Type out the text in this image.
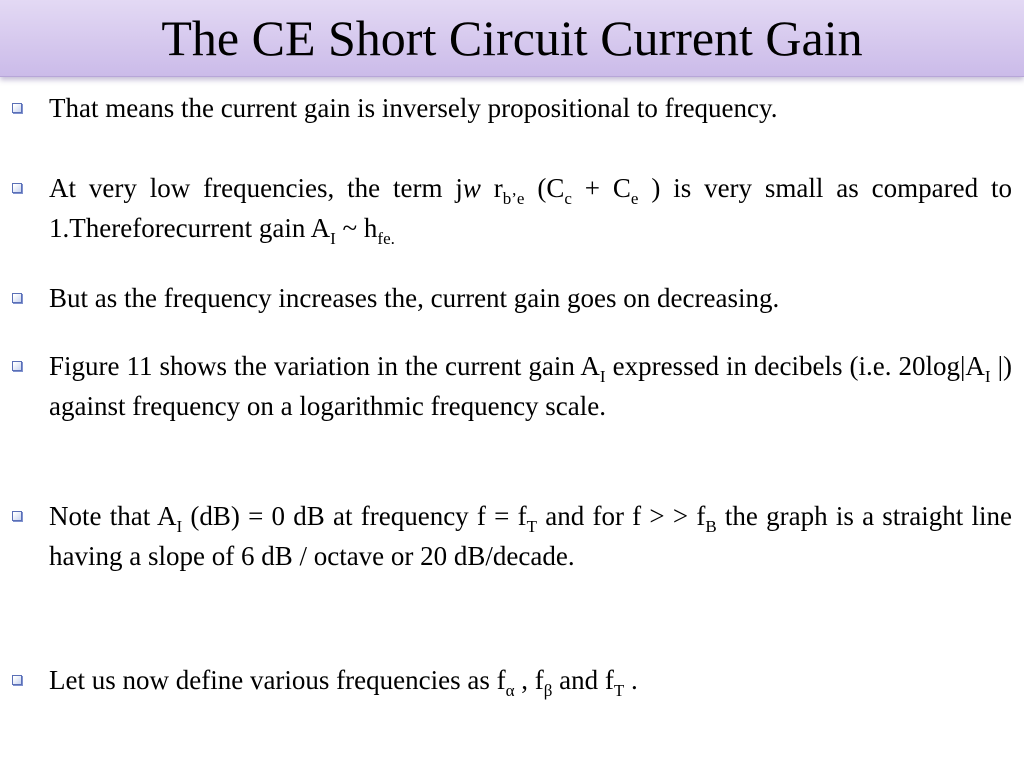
The CE Short Circuit Current Gain
That means the current gain is inversely propositional to frequency.
At very low frequencies, the term jw $r_{b’e}$ ($C_c + C_e$ ) is very small as compared to 1.Thereforecurrent gain $A_I$ ~ $h_{fe.}$
But as the frequency increases the, current gain goes on decreasing.
Figure 11 shows the variation in the current gain $A_I$ expressed in decibels (i.e. $20\log|A_I$ |) against frequency on a logarithmic frequency scale.
Note that $A_I$ (dB) = 0 dB at frequency $f = f_T$ and for f > > $f_B$ the graph is a straight line having a slope of 6 dB / octave or 20 dB/decade.
Let us now define various frequencies as $f_\alpha$ , $f_\beta$ and $f_T$ .
